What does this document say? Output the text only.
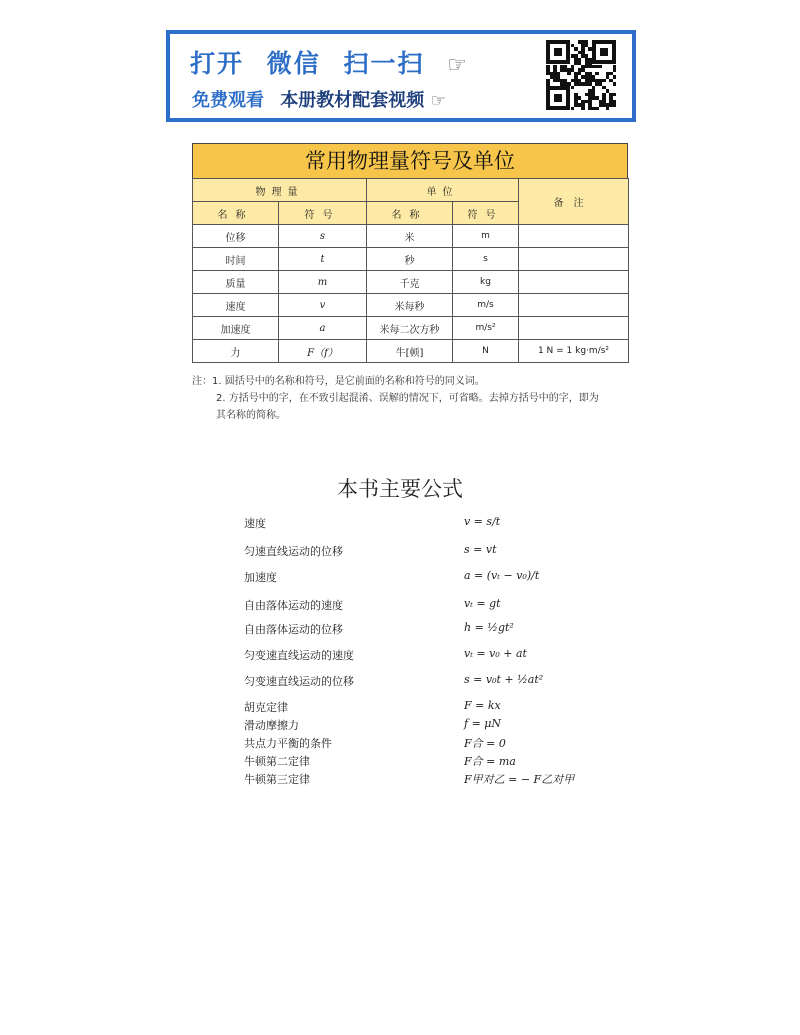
打开 微信 扫一扫 ☞
免费观看 本册教材配套视频 ☞
常用物理量符号及单位
物理量		单位		备注
名称	符号	名称	符号	
位移	s	米	m	
时间	t	秒	s	
质量	m	千克	kg	
速度	v	米每秒	m/s	
加速度	a	米每二次方秒	m/s²	
力	F（f）	牛[顿]	N	1 N = 1 kg·m/s²
注：1. 圆括号中的名称和符号，是它前面的名称和符号的同义词。
2. 方括号中的字，在不致引起混淆、误解的情况下，可省略。去掉方括号中的字，即为
其名称的简称。
本书主要公式
速度	v = s/t
匀速直线运动的位移	s = vt
加速度	a = (vₜ − v₀)/t
自由落体运动的速度	vₜ = gt
自由落体运动的位移	h = ½gt²
匀变速直线运动的速度	vₜ = v₀ + at
匀变速直线运动的位移	s = v₀t + ½at²
胡克定律	F = kx
滑动摩擦力	f = μN
共点力平衡的条件	F合 = 0
牛顿第二定律	F合 = ma
牛顿第三定律	F甲对乙 = − F乙对甲
